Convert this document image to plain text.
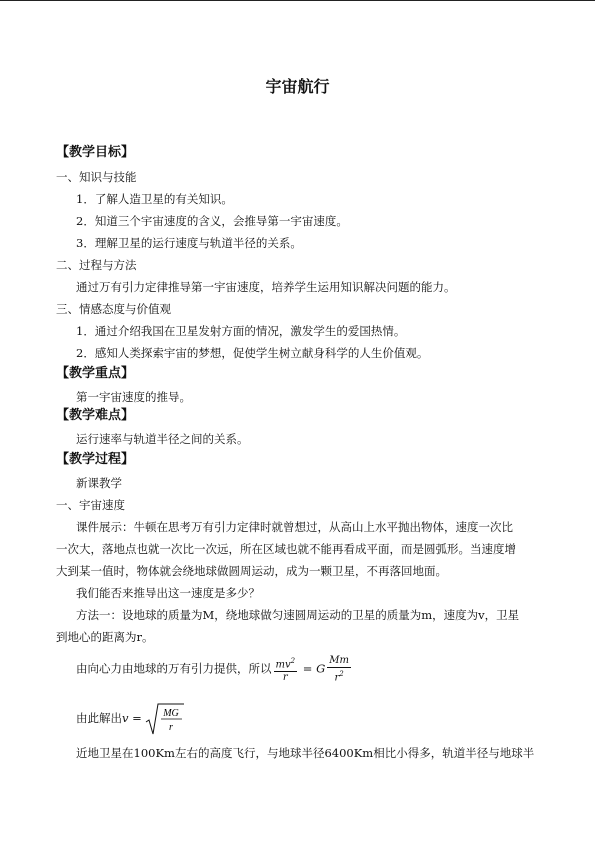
宇宙航行
【教学目标】
一、知识与技能
1．了解人造卫星的有关知识。
2．知道三个宇宙速度的含义，会推导第一宇宙速度。
3．理解卫星的运行速度与轨道半径的关系。
二、过程与方法
通过万有引力定律推导第一宇宙速度，培养学生运用知识解决问题的能力。
三、情感态度与价值观
1．通过介绍我国在卫星发射方面的情况，激发学生的爱国热情。
2．感知人类探索宇宙的梦想，促使学生树立献身科学的人生价值观。
【教学重点】
第一宇宙速度的推导。
【教学难点】
运行速率与轨道半径之间的关系。
【教学过程】
新课教学
一、宇宙速度
课件展示：牛顿在思考万有引力定律时就曾想过，从高山上水平抛出物体，速度一次比
一次大，落地点也就一次比一次远，所在区域也就不能再看成平面，而是圆弧形。当速度增
大到某一值时，物体就会绕地球做圆周运动，成为一颗卫星，不再落回地面。
我们能否来推导出这一速度是多少？
方法一：设地球的质量为M，绕地球做匀速圆周运动的卫星的质量为m，速度为v，卫星
到地心的距离为r。
由向心力由地球的万有引力提供，所以 $\frac{mv^2}{r} = G \frac{Mm}{r^2}$
由此解出v = MG
r
近地卫星在100Km左右的高度飞行，与地球半径6400Km相比小得多，轨道半径与地球半
